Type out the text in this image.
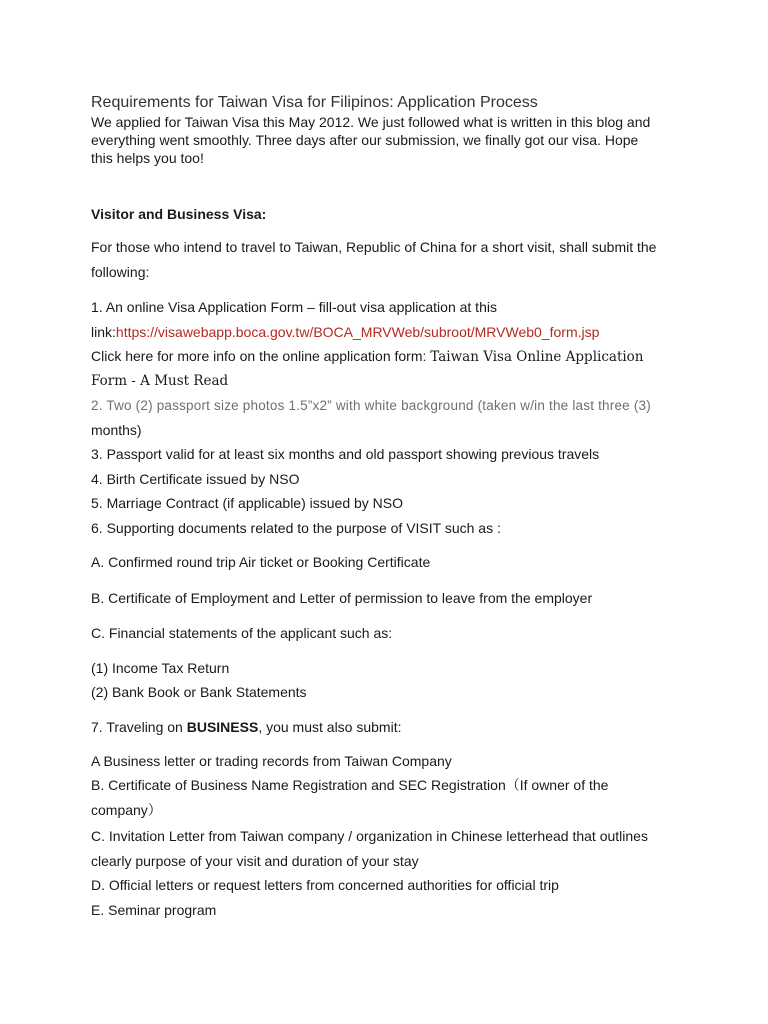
Requirements for Taiwan Visa for Filipinos: Application Process
We applied for Taiwan Visa this May 2012. We just followed what is written in this blog and
everything went smoothly. Three days after our submission, we finally got our visa. Hope
this helps you too!
Visitor and Business Visa:
For those who intend to travel to Taiwan, Republic of China for a short visit, shall submit the
following:
1. An online Visa Application Form – fill-out visa application at this
link:https://visawebapp.boca.gov.tw/BOCA_MRVWeb/subroot/MRVWeb0_form.jsp
Click here for more info on the online application form: Taiwan Visa Online Application
Form - A Must Read
2. Two (2) passport size photos 1.5”x2” with white background (taken w/in the last three (3)
months)
3. Passport valid for at least six months and old passport showing previous travels
4. Birth Certificate issued by NSO
5. Marriage Contract (if applicable) issued by NSO
6. Supporting documents related to the purpose of VISIT such as :
A. Confirmed round trip Air ticket or Booking Certificate
B. Certificate of Employment and Letter of permission to leave from the employer
C. Financial statements of the applicant such as:
(1) Income Tax Return
(2) Bank Book or Bank Statements
7. Traveling on BUSINESS, you must also submit:
A Business letter or trading records from Taiwan Company
B. Certificate of Business Name Registration and SEC Registration（If owner of the
company）
C. Invitation Letter from Taiwan company / organization in Chinese letterhead that outlines
clearly purpose of your visit and duration of your stay
D. Official letters or request letters from concerned authorities for official trip
E. Seminar program
